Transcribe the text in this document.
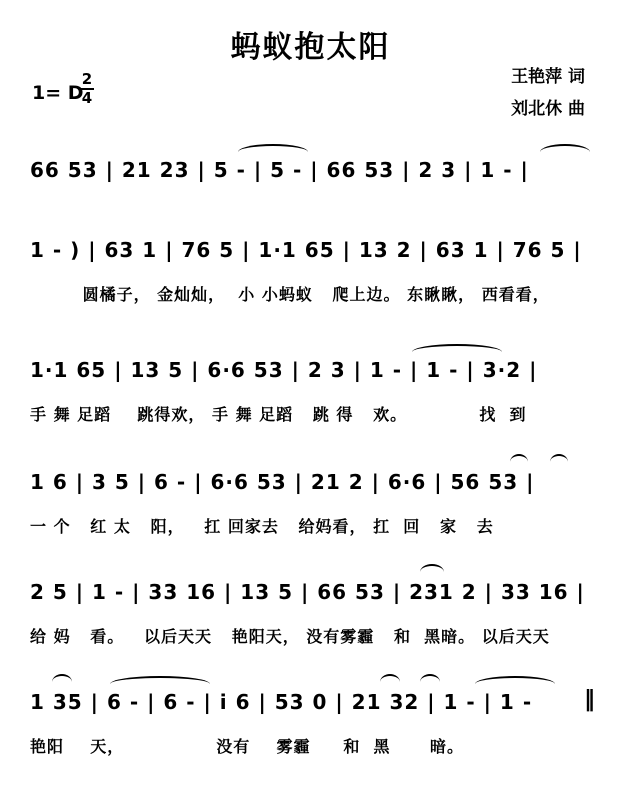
蚂蚁抱太阳
王艳萍 词
刘北休 曲
1= D
2
4
66 53 | 21 23 | 5 - | 5 - | 66 53 | 2 3 | 1 - |
1 - ) | 63 1 | 76 5 | 1·1 65 | 13 2 | 63 1 | 76 5 |
圆橘子， 金灿灿，  小 小蚂蚁   爬上边。 东瞅瞅， 西看看，
1·1 65 | 13 5 | 6·6 53 | 2 3 | 1 - | 1 - | 3·2 |
手 舞 足蹈    跳得欢， 手 舞 足蹈   跳 得   欢。           找  到
1 6 | 3 5 | 6 - | 6·6 53 | 21 2 | 6·6 | 56 53 |
一 个   红 太   阳，   扛 回家去   给妈看， 扛  回   家   去
2 5 | 1 - | 33 16 | 13 5 | 66 53 | 231 2 | 33 16 |
给 妈   看。   以后天天   艳阳天， 没有雾霾   和  黑暗。 以后天天
1 35 | 6 - | 6 - | i 6 | 53 0 | 21 32 | 1 - | 1 -
艳阳    天，              没有    雾霾     和  黑      暗。
‖
